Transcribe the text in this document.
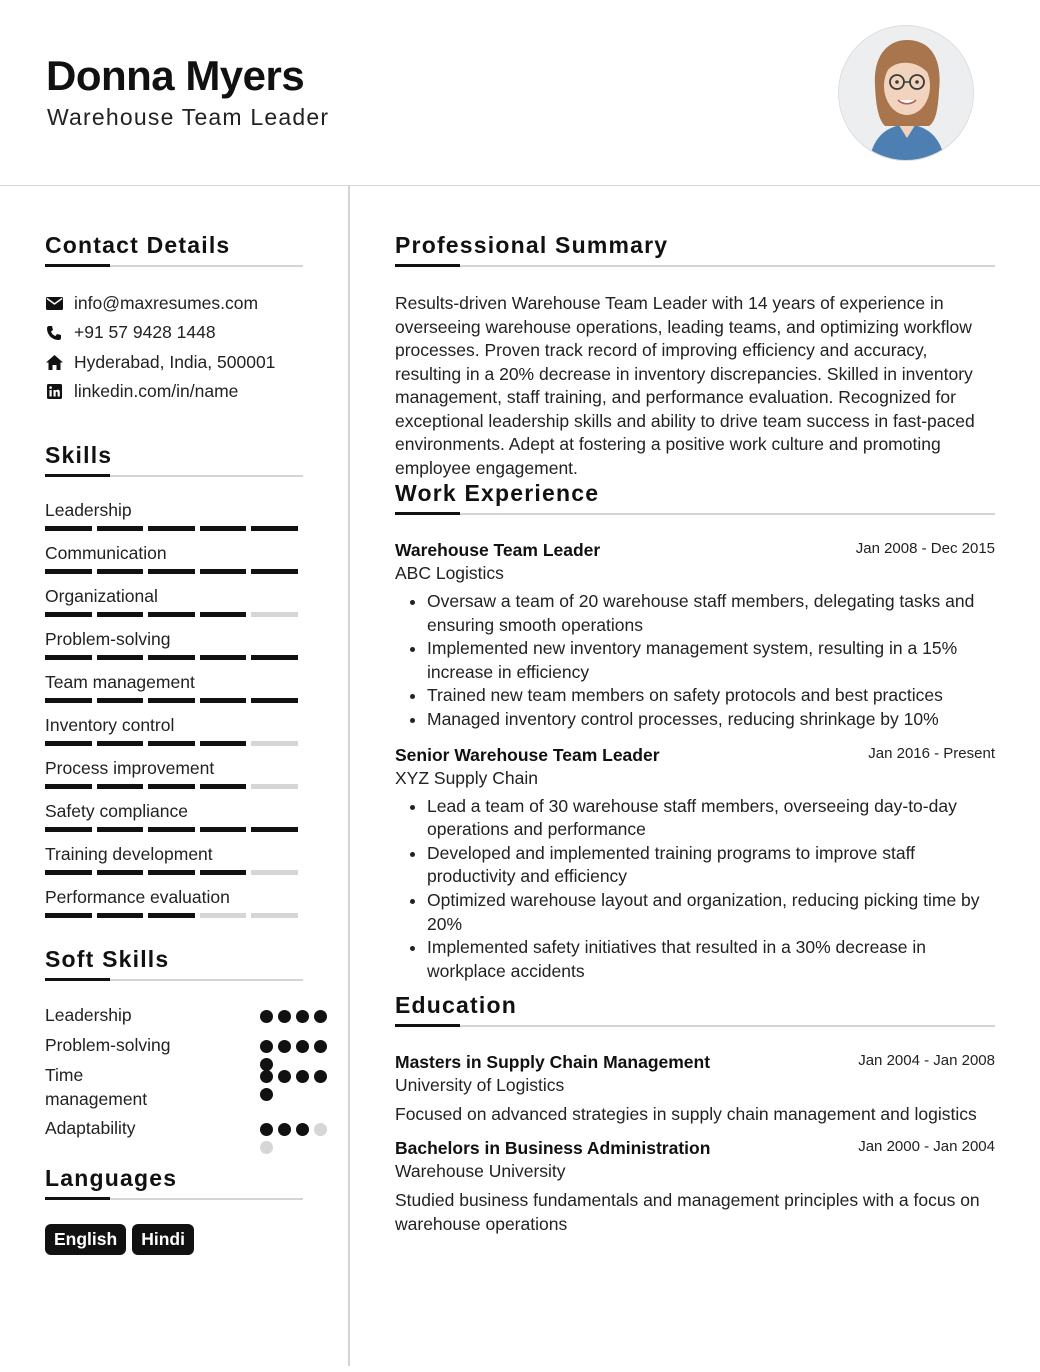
Donna Myers
Warehouse Team Leader
Contact Details
info@maxresumes.com
+91 57 9428 1448
Hyderabad, India, 500001
linkedin.com/in/name
Skills
Leadership
Communication
Organizational
Problem-solving
Team management
Inventory control
Process improvement
Safety compliance
Training development
Performance evaluation
Soft Skills
Leadership
Problem-solving
Time management
Adaptability
Languages
English	Hindi
Professional Summary

Results-driven Warehouse Team Leader with 14 years of experience in overseeing warehouse operations, leading teams, and optimizing workflow processes. Proven track record of improving efficiency and accuracy, resulting in a 20% decrease in inventory discrepancies. Skilled in inventory management, staff training, and performance evaluation. Recognized for exceptional leadership skills and ability to drive team success in fast-paced environments. Adept at fostering a positive work culture and promoting employee engagement.

Work Experience
Warehouse Team Leader	Jan 2008 - Dec 2015
ABC Logistics
• Oversaw a team of 20 warehouse staff members, delegating tasks and ensuring smooth operations
• Implemented new inventory management system, resulting in a 15% increase in efficiency
• Trained new team members on safety protocols and best practices
• Managed inventory control processes, reducing shrinkage by 10%
Senior Warehouse Team Leader	Jan 2016 - Present
XYZ Supply Chain
• Lead a team of 30 warehouse staff members, overseeing day-to-day operations and performance
• Developed and implemented training programs to improve staff productivity and efficiency
• Optimized warehouse layout and organization, reducing picking time by 20%
• Implemented safety initiatives that resulted in a 30% decrease in workplace accidents
Education
Masters in Supply Chain Management	Jan 2004 - Jan 2008
University of Logistics

Focused on advanced strategies in supply chain management and logistics

Bachelors in Business Administration	Jan 2000 - Jan 2004
Warehouse University

Studied business fundamentals and management principles with a focus on warehouse operations
